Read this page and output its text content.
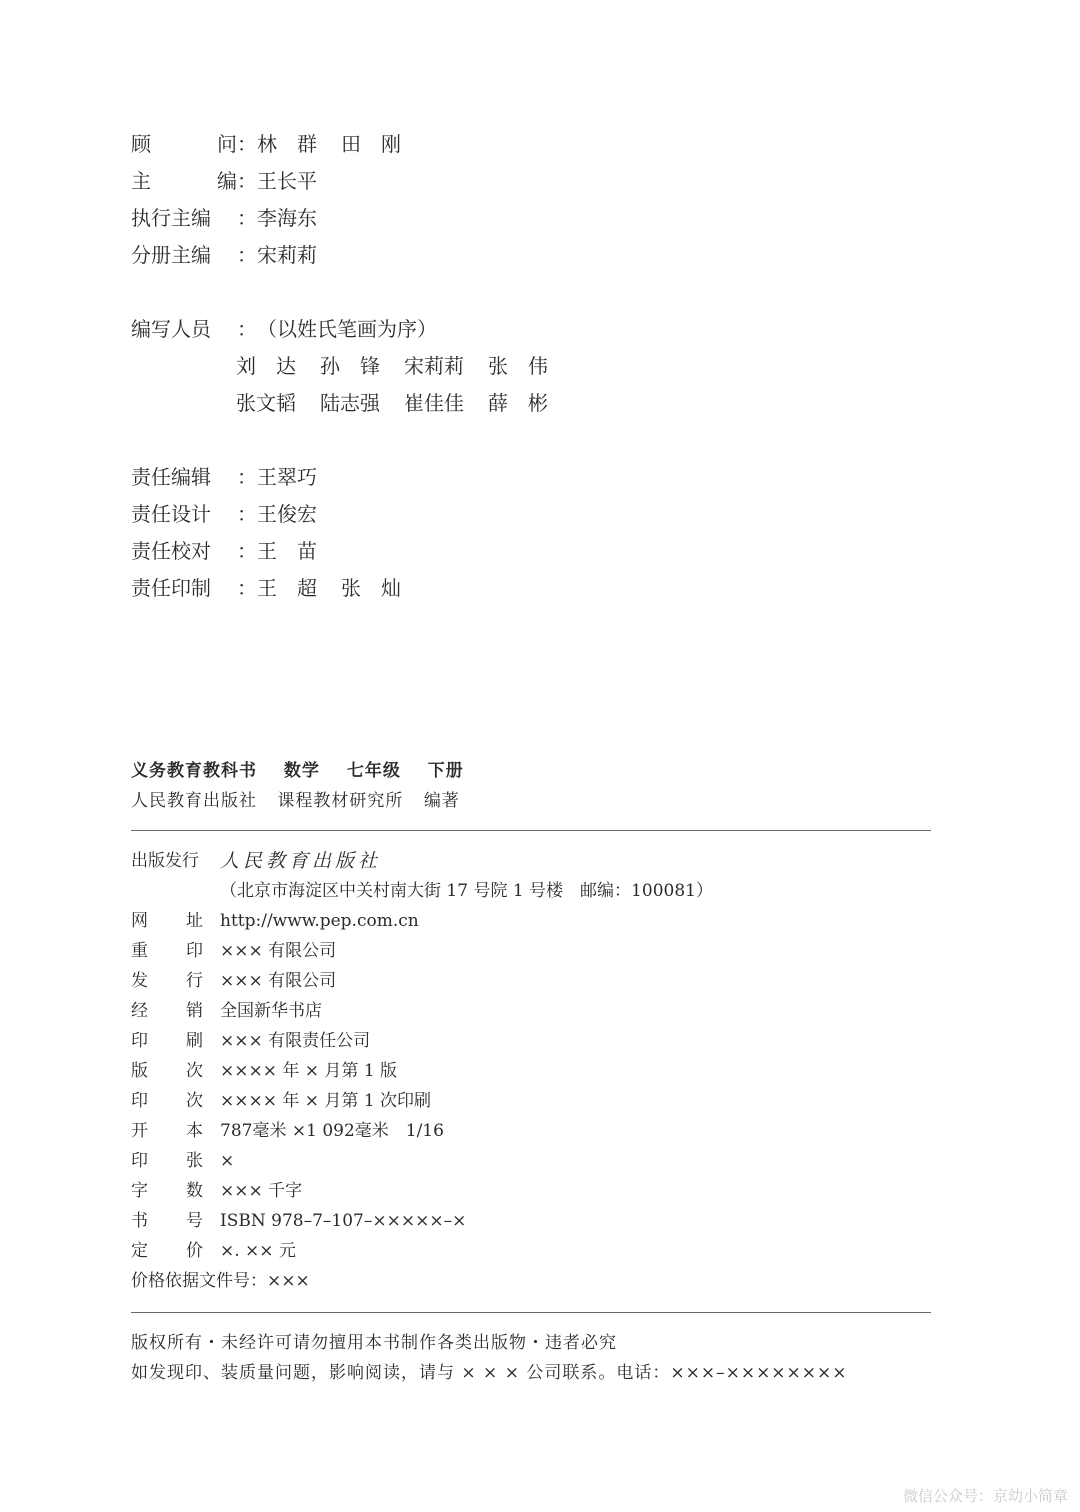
顾	问 ： 林　群	田　刚
主	编 ： 王长平
执行主编	： 李海东
分册主编	： 宋莉莉
编写人员	： （以姓氏笔画为序）
刘　达	孙　锋	宋莉莉	张　伟
张文韬	陆志强	崔佳佳	薛　彬
责任编辑	： 王翠巧
责任设计	： 王俊宏
责任校对	： 王　苗
责任印制	： 王　超	张　灿
义务教育教科书 数学 七年级 下册
人民教育出版社 课程教材研究所 编著
出版发行	人民教育出版社
（北京市海淀区中关村南大街 17 号院 1 号楼　邮编：100081）
网 址 http://www.pep.com.cn
重 印 ××× 有限公司
发 行 ××× 有限公司
经 销 全国新华书店
印 刷 ××× 有限责任公司
版 次 ×××× 年 × 月第 1 版
印 次 ×××× 年 × 月第 1 次印刷
开 本 787毫米 ×1 092毫米　1/16
印 张 ×
字 数 ××× 千字
书 号 ISBN 978–7–107–×××××–×
定 价 ×. ×× 元
价格依据文件号： ×××
版权所有・未经许可请勿擅用本书制作各类出版物・违者必究
如发现印、装质量问题，影响阅读，请与 × × × 公司联系。电话：×××–××××××××
微信公众号：京幼小简章
